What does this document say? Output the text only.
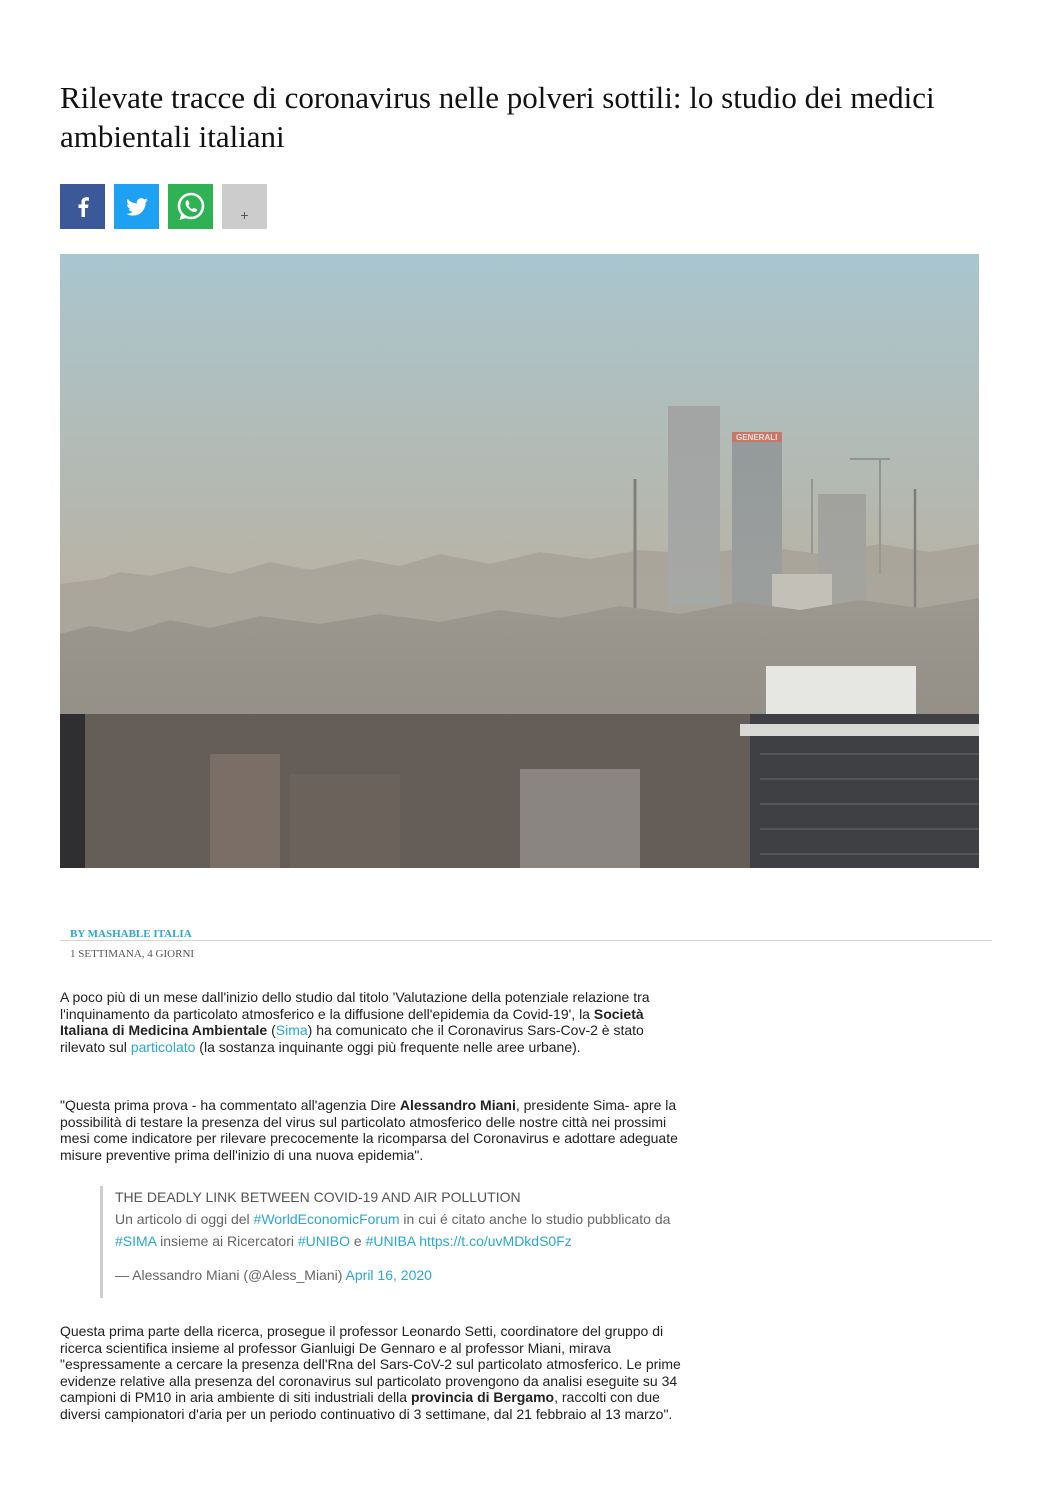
Rilevate tracce di coronavirus nelle polveri sottili: lo studio dei medici ambientali italiani
+
BY MASHABLE ITALIA
1 SETTIMANA, 4 GIORNI

A poco più di un mese dall'inizio dello studio dal titolo 'Valutazione della potenziale relazione tra l'inquinamento da particolato atmosferico e la diffusione dell'epidemia da Covid-19', la Società Italiana di Medicina Ambientale (Sima) ha comunicato che il Coronavirus Sars-Cov-2 è stato rilevato sul particolato (la sostanza inquinante oggi più frequente nelle aree urbane).

"Questa prima prova - ha commentato all'agenzia Dire Alessandro Miani, presidente Sima- apre la possibilità di testare la presenza del virus sul particolato atmosferico delle nostre città nei prossimi mesi come indicatore per rilevare precocemente la ricomparsa del Coronavirus e adottare adeguate misure preventive prima dell'inizio di una nuova epidemia".

THE DEADLY LINK BETWEEN COVID-19 AND AIR POLLUTION
Un articolo di oggi del #WorldEconomicForum in cui é citato anche lo studio pubblicato da #SIMA insieme ai Ricercatori #UNIBO e #UNIBA https://t.co/uvMDkdS0Fz
— Alessandro Miani (@Aless_Miani) April 16, 2020

Questa prima parte della ricerca, prosegue il professor Leonardo Setti, coordinatore del gruppo di ricerca scientifica insieme al professor Gianluigi De Gennaro e al professor Miani, mirava "espressamente a cercare la presenza dell'Rna del Sars-CoV-2 sul particolato atmosferico. Le prime evidenze relative alla presenza del coronavirus sul particolato provengono da analisi eseguite su 34 campioni di PM10 in aria ambiente di siti industriali della provincia di Bergamo, raccolti con due diversi campionatori d'aria per un periodo continuativo di 3 settimane, dal 21 febbraio al 13 marzo".
